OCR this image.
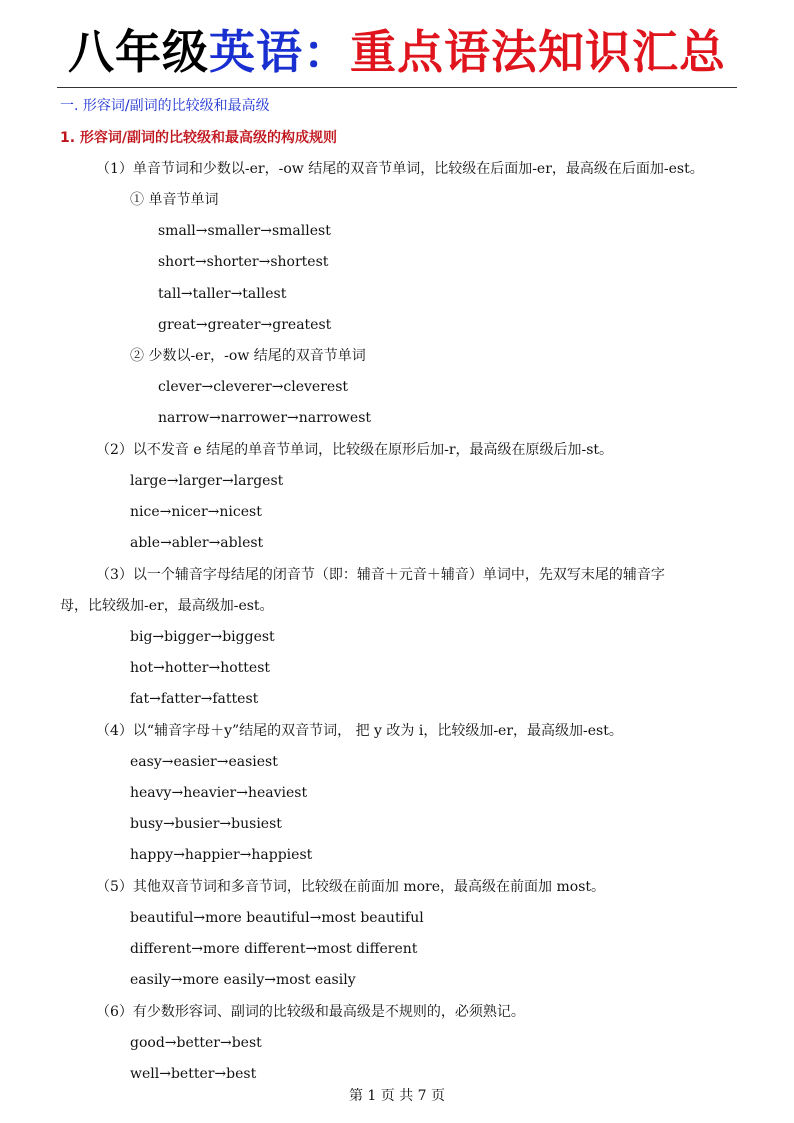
八年级英语：重点语法知识汇总
一. 形容词/副词的比较级和最高级
1. 形容词/副词的比较级和最高级的构成规则
（1）单音节词和少数以-er，-ow 结尾的双音节单词，比较级在后面加-er，最高级在后面加-est。
① 单音节单词
small→smaller→smallest
short→shorter→shortest
tall→taller→tallest
great→greater→greatest
② 少数以-er，-ow 结尾的双音节单词
clever→cleverer→cleverest
narrow→narrower→narrowest
（2）以不发音 e 结尾的单音节单词，比较级在原形后加-r，最高级在原级后加-st。
large→larger→largest
nice→nicer→nicest
able→abler→ablest
（3）以一个辅音字母结尾的闭音节（即：辅音＋元音＋辅音）单词中，先双写末尾的辅音字
母，比较级加-er，最高级加-est。
big→bigger→biggest
hot→hotter→hottest
fat→fatter→fattest
（4）以“辅音字母＋y”结尾的双音节词， 把 y 改为 i，比较级加-er，最高级加-est。
easy→easier→easiest
heavy→heavier→heaviest
busy→busier→busiest
happy→happier→happiest
（5）其他双音节词和多音节词，比较级在前面加 more，最高级在前面加 most。
beautiful→more beautiful→most beautiful
different→more different→most different
easily→more easily→most easily
（6）有少数形容词、副词的比较级和最高级是不规则的，必须熟记。
good→better→best
well→better→best
第 1 页 共 7 页
